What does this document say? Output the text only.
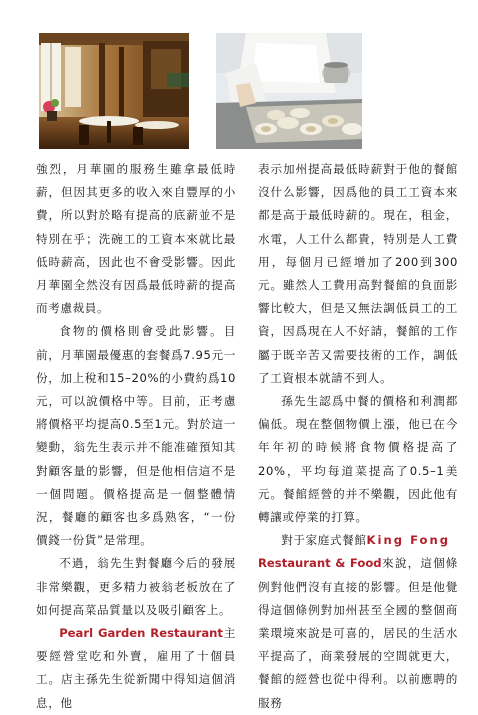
強烈，月華園的服務生雖拿最低時薪，但因其更多的收入來自豐厚的小費，所以對於略有提高的底薪並不是特別在乎；洗碗工的工資本來就比最低時薪高，因此也不會受影響。因此月華園全然沒有因爲最低時薪的提高而考慮裁員。

食物的價格則會受此影響。目前，月華園最優惠的套餐爲7.95元一份，加上稅和15–20%的小費約爲10元，可以說價格中等。目前，正考慮將價格平均提高0.5至1元。對於這一變動，翁先生表示并不能准確預知其對顧客量的影響，但是他相信這不是一個問題。價格提高是一個整體情況，餐廳的顧客也多爲熟客，“一份價錢一份貨”是常理。

不過，翁先生對餐廳今后的發展非常樂觀，更多精力被翁老板放在了如何提高菜品質量以及吸引顧客上。

Pearl Garden Restaurant主要經營堂吃和外賣，雇用了十個員工。店主孫先生從新聞中得知這個消息，他

表示加州提高最低時薪對于他的餐館沒什么影響，因爲他的員工工資本來都是高于最低時薪的。現在，租金，水電，人工什么都貴，特別是人工費用，每個月已經增加了200到300元。雖然人工費用高對餐館的負面影響比較大，但是又無法調低員工的工資，因爲現在人不好請，餐館的工作屬于既辛苦又需要技術的工作，調低了工資根本就請不到人。

孫先生認爲中餐的價格和利潤都偏低。現在整個物價上漲，他已在今年年初的時候將食物價格提高了20%，平均每道菜提高了0.5–1美元。餐館經營的并不樂觀，因此他有轉讓或停業的打算。

對于家庭式餐館King Fong
Restaurant & Food來說，這個條例對他們沒有直接的影響。但是他覺得這個條例對加州甚至全國的整個商業環境來說是可喜的，居民的生活水平提高了，商業發展的空間就更大，餐館的經營也從中得利。以前應聘的服務
